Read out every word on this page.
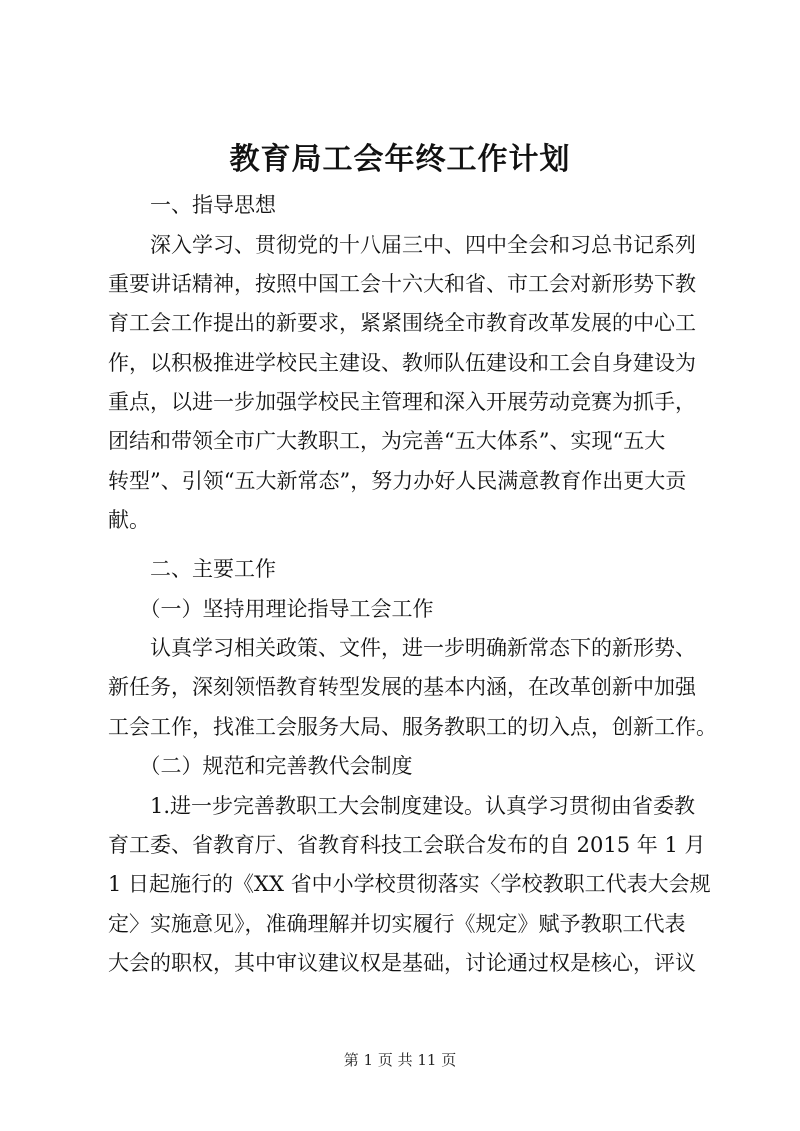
教育局工会年终工作计划
　　一、指导思想
　　深入学习、贯彻党的十八届三中、四中全会和习总书记系列
重要讲话精神，按照中国工会十六大和省、市工会对新形势下教
育工会工作提出的新要求，紧紧围绕全市教育改革发展的中心工
作，以积极推进学校民主建设、教师队伍建设和工会自身建设为
重点，以进一步加强学校民主管理和深入开展劳动竞赛为抓手，
团结和带领全市广大教职工，为完善“五大体系”、实现“五大
转型”、引领“五大新常态”，努力办好人民满意教育作出更大贡
献。
　　二、主要工作
　　（一）坚持用理论指导工会工作
　　认真学习相关政策、文件，进一步明确新常态下的新形势、
新任务，深刻领悟教育转型发展的基本内涵，在改革创新中加强
工会工作，找准工会服务大局、服务教职工的切入点，创新工作。
　　（二）规范和完善教代会制度
　　1.进一步完善教职工大会制度建设。认真学习贯彻由省委教
育工委、省教育厅、省教育科技工会联合发布的自 2015 年 1 月
1 日起施行的《XX 省中小学校贯彻落实〈学校教职工代表大会规
定〉实施意见》，准确理解并切实履行《规定》赋予教职工代表
大会的职权，其中审议建议权是基础，讨论通过权是核心，评议
第 1 页 共 11 页
